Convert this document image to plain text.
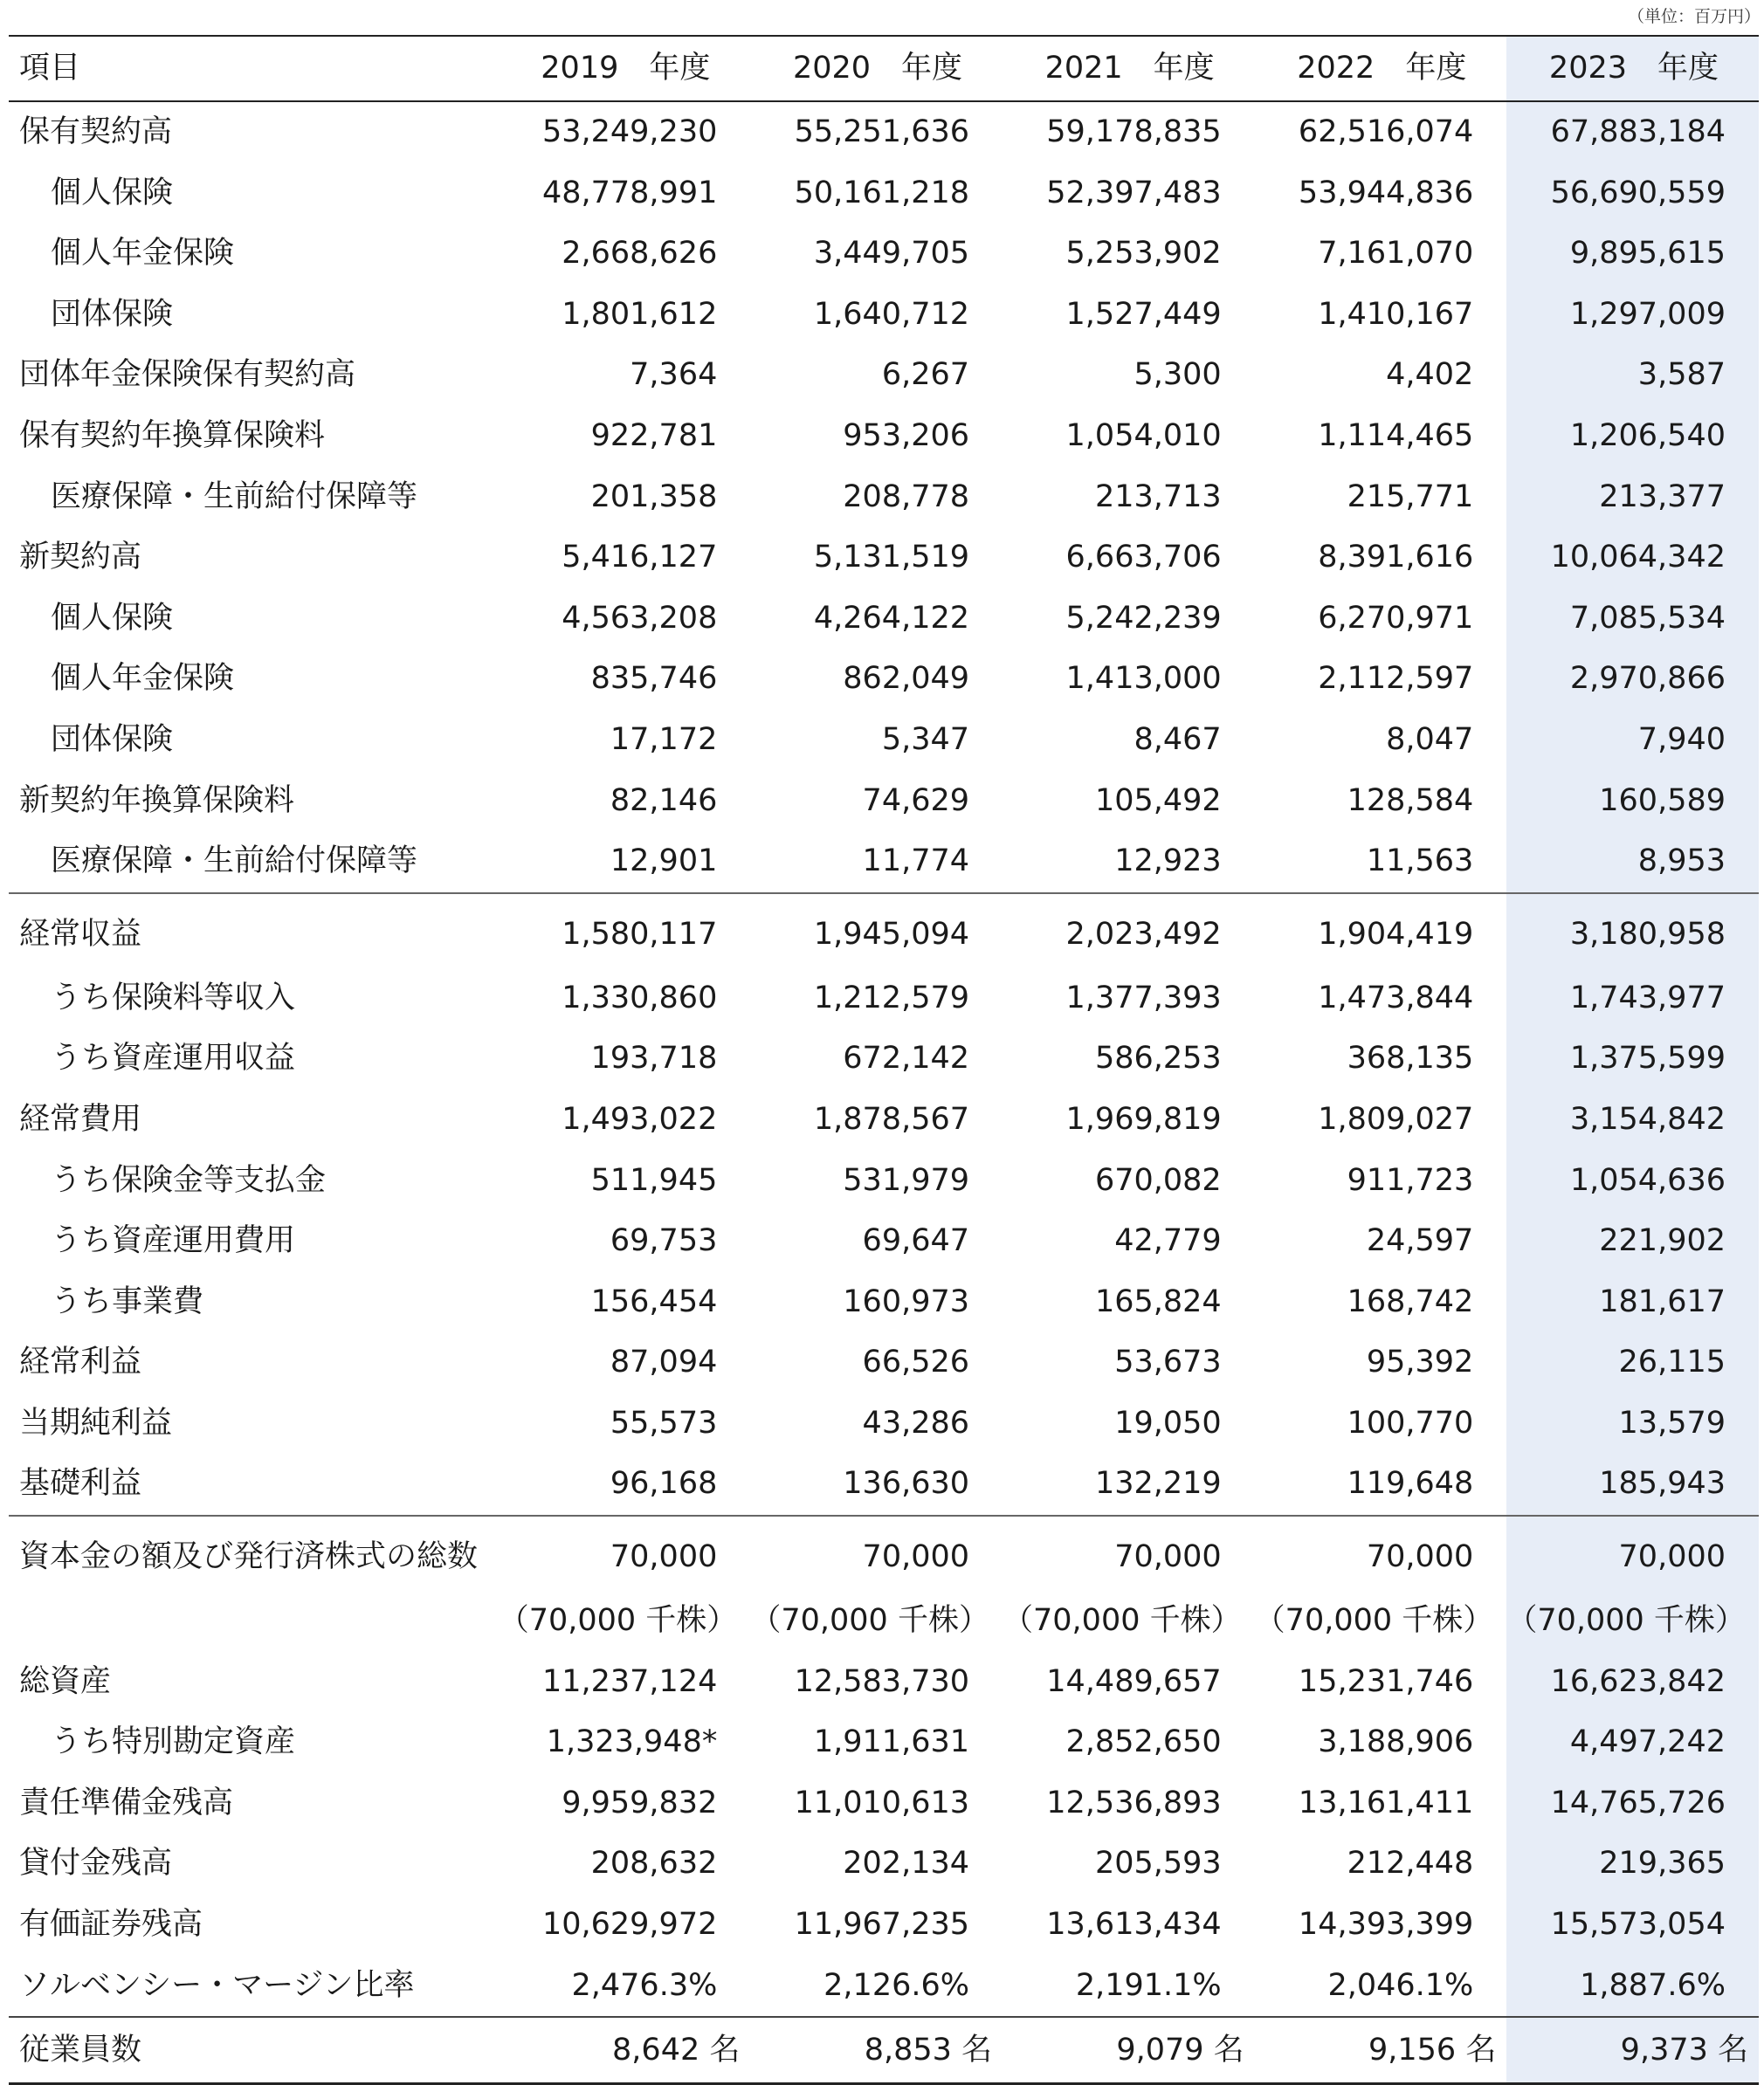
（単位：百万円）
項目	2019　年度	2020　年度	2021　年度	2022　年度	2023　年度
保有契約高	53,249,230	55,251,636	59,178,835	62,516,074	67,883,184
個人保険	48,778,991	50,161,218	52,397,483	53,944,836	56,690,559
個人年金保険	2,668,626	3,449,705	5,253,902	7,161,070	9,895,615
団体保険	1,801,612	1,640,712	1,527,449	1,410,167	1,297,009
団体年金保険保有契約高	7,364	6,267	5,300	4,402	3,587
保有契約年換算保険料	922,781	953,206	1,054,010	1,114,465	1,206,540
医療保障・生前給付保障等	201,358	208,778	213,713	215,771	213,377
新契約高	5,416,127	5,131,519	6,663,706	8,391,616	10,064,342
個人保険	4,563,208	4,264,122	5,242,239	6,270,971	7,085,534
個人年金保険	835,746	862,049	1,413,000	2,112,597	2,970,866
団体保険	17,172	5,347	8,467	8,047	7,940
新契約年換算保険料	82,146	74,629	105,492	128,584	160,589
医療保障・生前給付保障等	12,901	11,774	12,923	11,563	8,953
経常収益	1,580,117	1,945,094	2,023,492	1,904,419	3,180,958
うち保険料等収入	1,330,860	1,212,579	1,377,393	1,473,844	1,743,977
うち資産運用収益	193,718	672,142	586,253	368,135	1,375,599
経常費用	1,493,022	1,878,567	1,969,819	1,809,027	3,154,842
うち保険金等支払金	511,945	531,979	670,082	911,723	1,054,636
うち資産運用費用	69,753	69,647	42,779	24,597	221,902
うち事業費	156,454	160,973	165,824	168,742	181,617
経常利益	87,094	66,526	53,673	95,392	26,115
当期純利益	55,573	43,286	19,050	100,770	13,579
基礎利益	96,168	136,630	132,219	119,648	185,943
資本金の額及び発行済株式の総数	70,000	70,000	70,000	70,000	70,000
	（70,000 千株）	（70,000 千株）	（70,000 千株）	（70,000 千株）	（70,000 千株）
総資産	11,237,124	12,583,730	14,489,657	15,231,746	16,623,842
うち特別勘定資産	1,323,948*	1,911,631	2,852,650	3,188,906	4,497,242
責任準備金残高	9,959,832	11,010,613	12,536,893	13,161,411	14,765,726
貸付金残高	208,632	202,134	205,593	212,448	219,365
有価証券残高	10,629,972	11,967,235	13,613,434	14,393,399	15,573,054
ソルベンシー・マージン比率	2,476.3%	2,126.6%	2,191.1%	2,046.1%	1,887.6%
従業員数	8,642 名	8,853 名	9,079 名	9,156 名	9,373 名
